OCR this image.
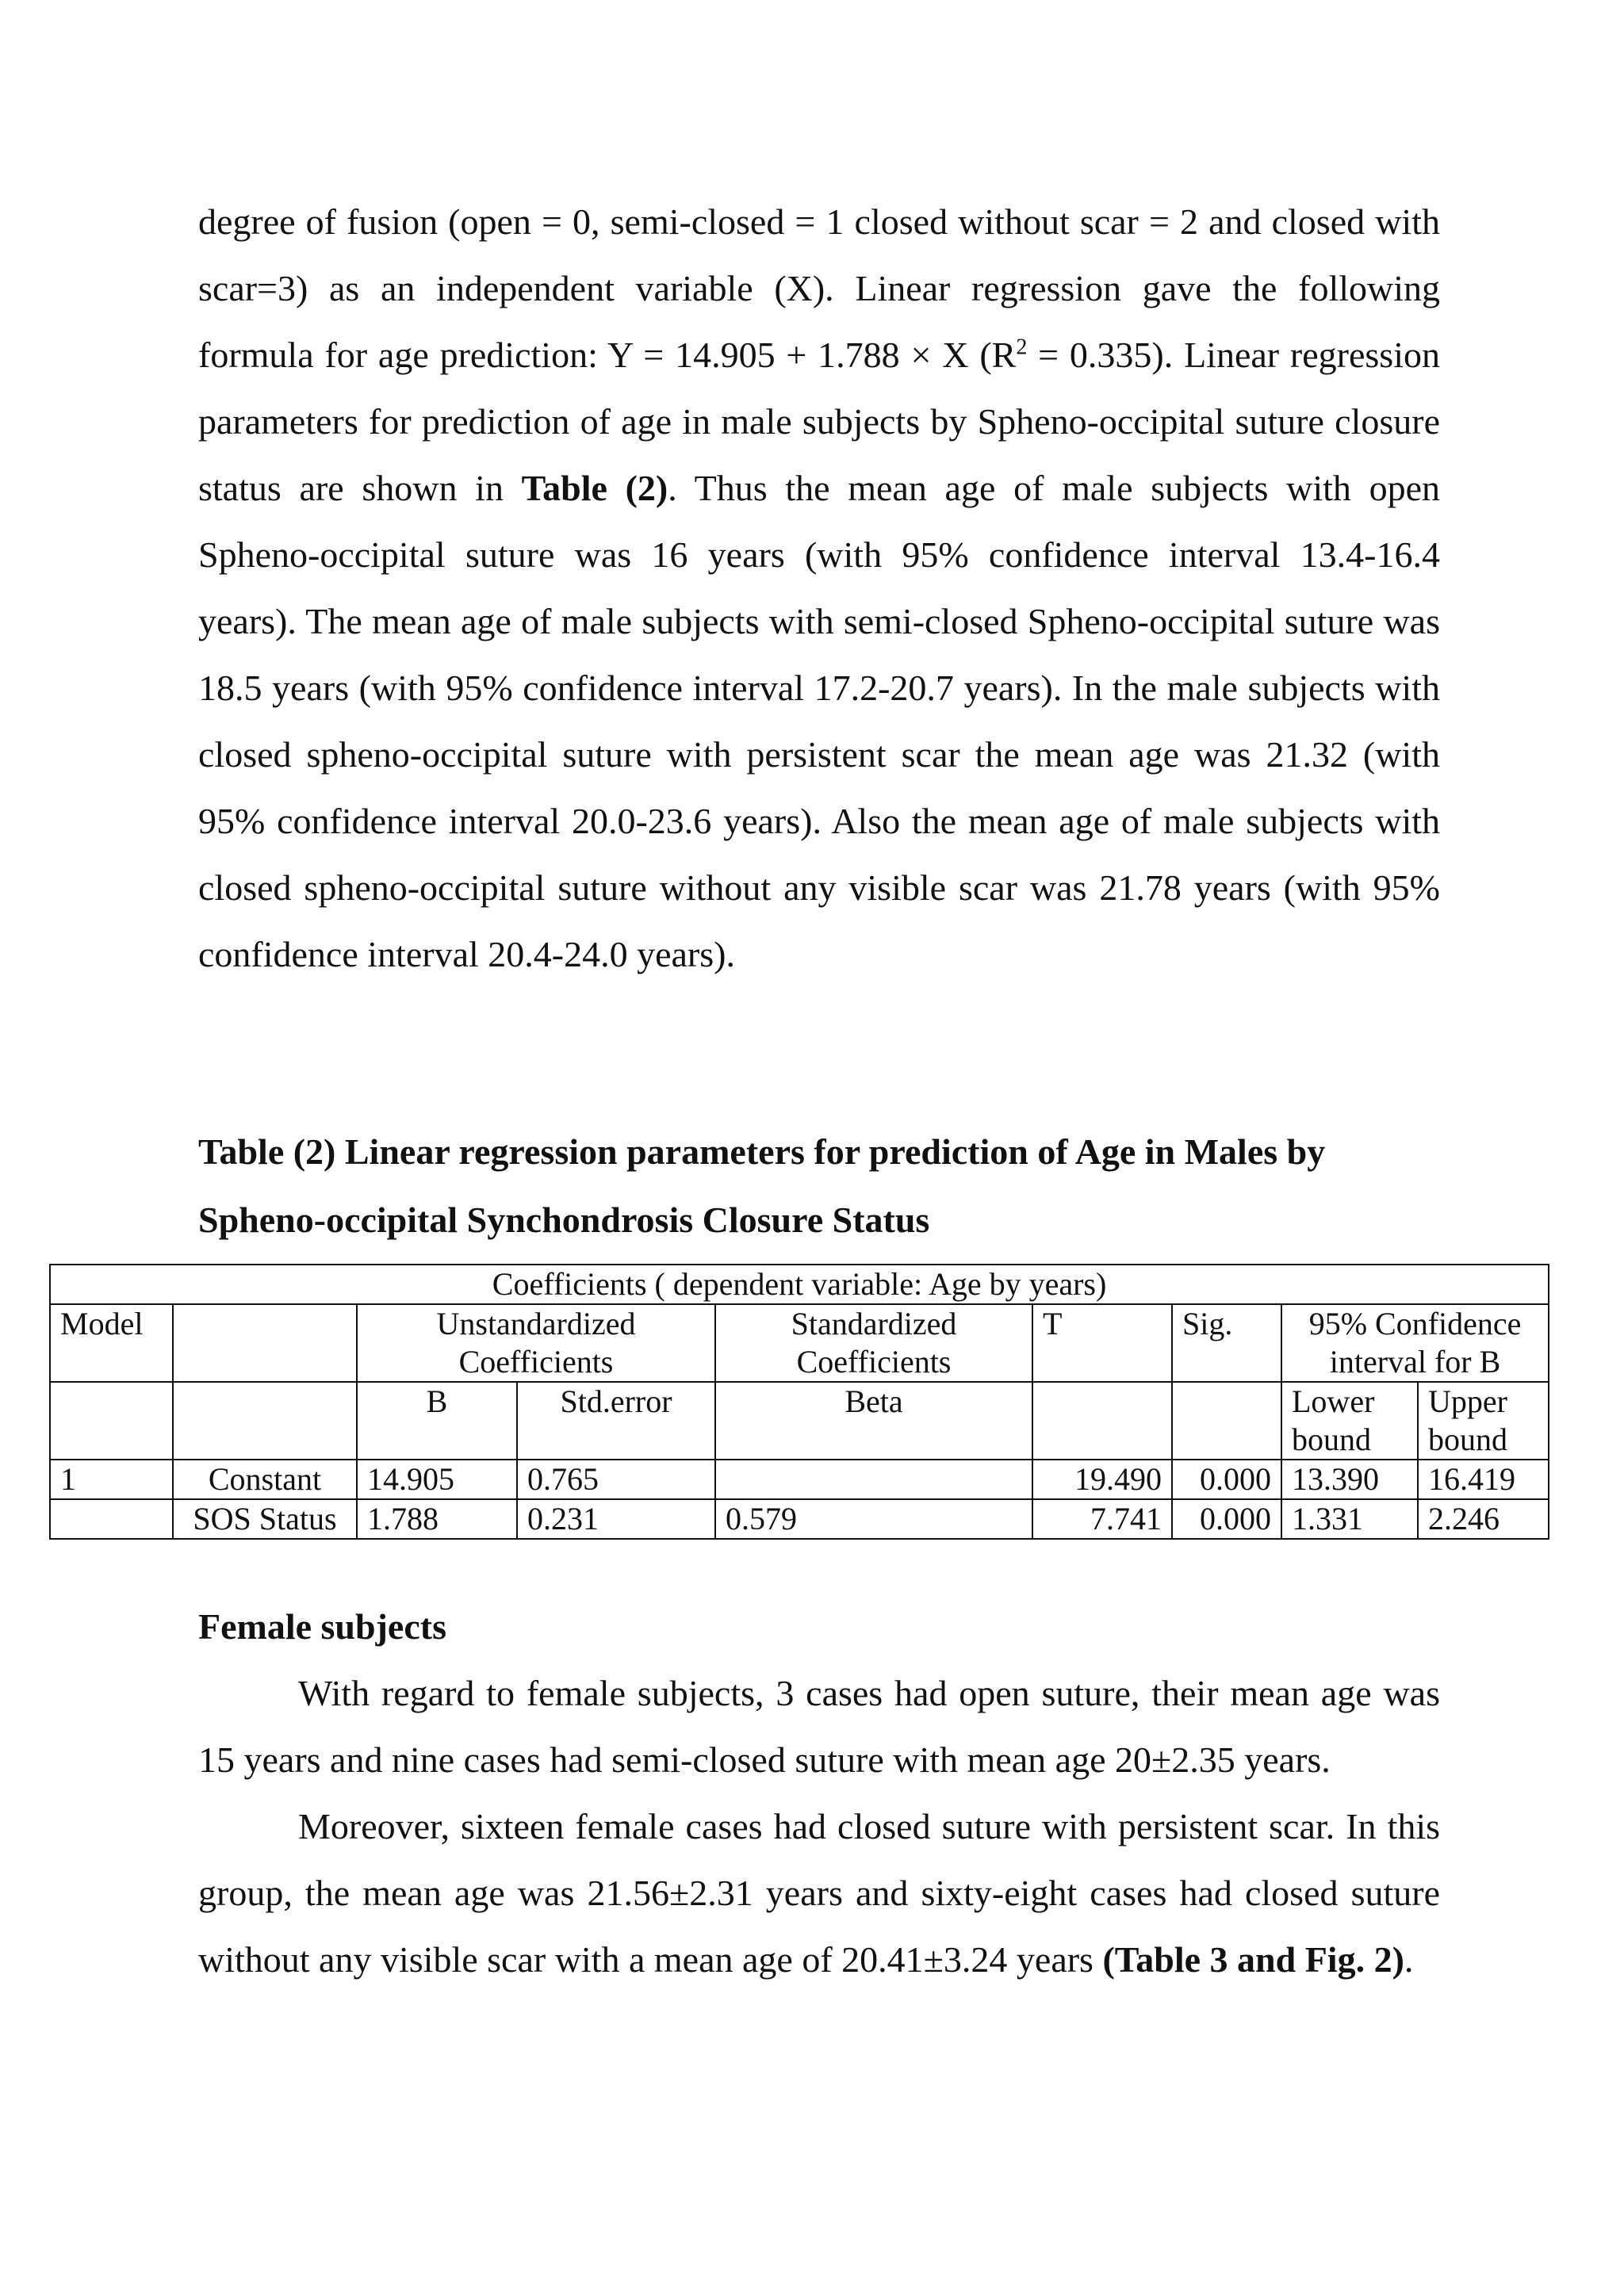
degree of fusion (open = 0, semi-closed = 1 closed without scar = 2 and closed with scar=3) as an independent variable (X). Linear regression gave the following formula for age prediction: Y = 14.905 + 1.788 × X $(R^2 = 0.335)$. Linear regression parameters for prediction of age in male subjects by Spheno-occipital suture closure status are shown in Table (2). Thus the mean age of male subjects with open Spheno-occipital suture was 16 years (with 95% confidence interval 13.4-16.4 years). The mean age of male subjects with semi-closed Spheno-occipital suture was 18.5 years (with 95% confidence interval 17.2-20.7 years). In the male subjects with closed spheno-occipital suture with persistent scar the mean age was 21.32 (with 95% confidence interval 20.0-23.6 years). Also the mean age of male subjects with closed spheno-occipital suture without any visible scar was 21.78 years (with 95% confidence interval 20.4-24.0 years).

Table (2) Linear regression parameters for prediction of Age in Males by Spheno-occipital Synchondrosis Closure Status

Coefficients ( dependent variable: Age by years)								
Model		Unstandardized Coefficients		Standardized Coefficients	T	Sig.	95% Confidence interval for B	
		B	Std.error	Beta			Lower bound	Upper bound
1	Constant	14.905	0.765		19.490	0.000	13.390	16.419
	SOS Status	1.788	0.231	0.579	7.741	0.000	1.331	2.246

Female subjects

With regard to female subjects, 3 cases had open suture, their mean age was 15 years and nine cases had semi-closed suture with mean age 20±2.35 years.

Moreover, sixteen female cases had closed suture with persistent scar. In this group, the mean age was 21.56±2.31 years and sixty-eight cases had closed suture without any visible scar with a mean age of 20.41±3.24 years (Table 3 and Fig. 2).
